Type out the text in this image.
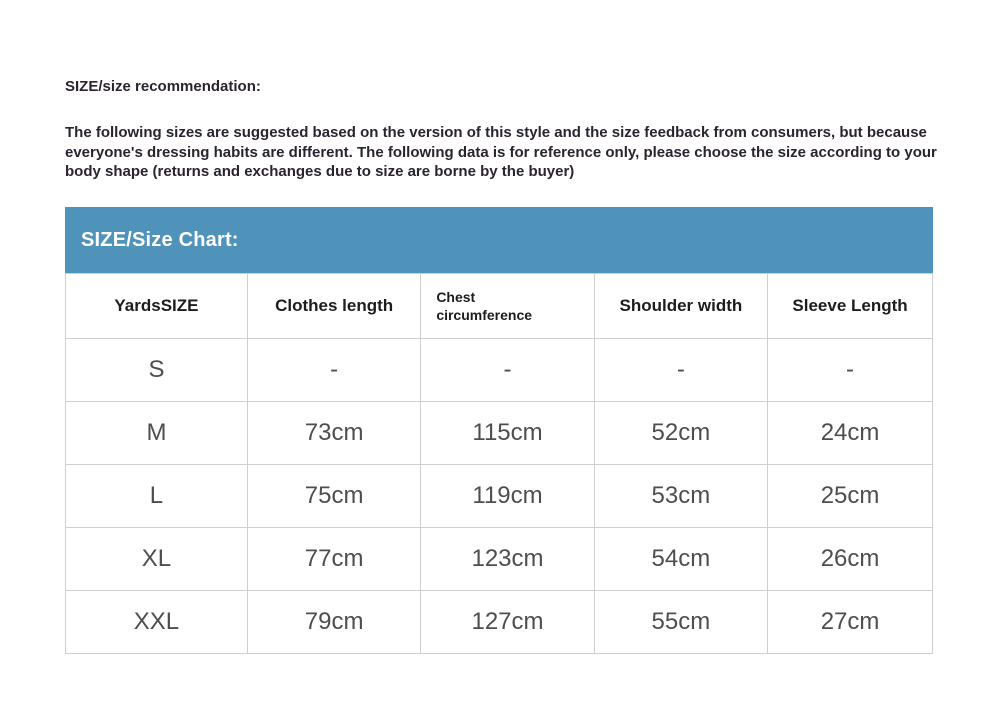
SIZE/size recommendation:

The following sizes are suggested based on the version of this style and the size feedback from consumers, but because everyone's dressing habits are different. The following data is for reference only, please choose the size according to your body shape (returns and exchanges due to size are borne by the buyer)

SIZE/Size Chart:
YardsSIZE	Clothes length	Chest circumference	Shoulder width	Sleeve Length
S	-	-	-	-
M	73cm	115cm	52cm	24cm
L	75cm	119cm	53cm	25cm
XL	77cm	123cm	54cm	26cm
XXL	79cm	127cm	55cm	27cm
